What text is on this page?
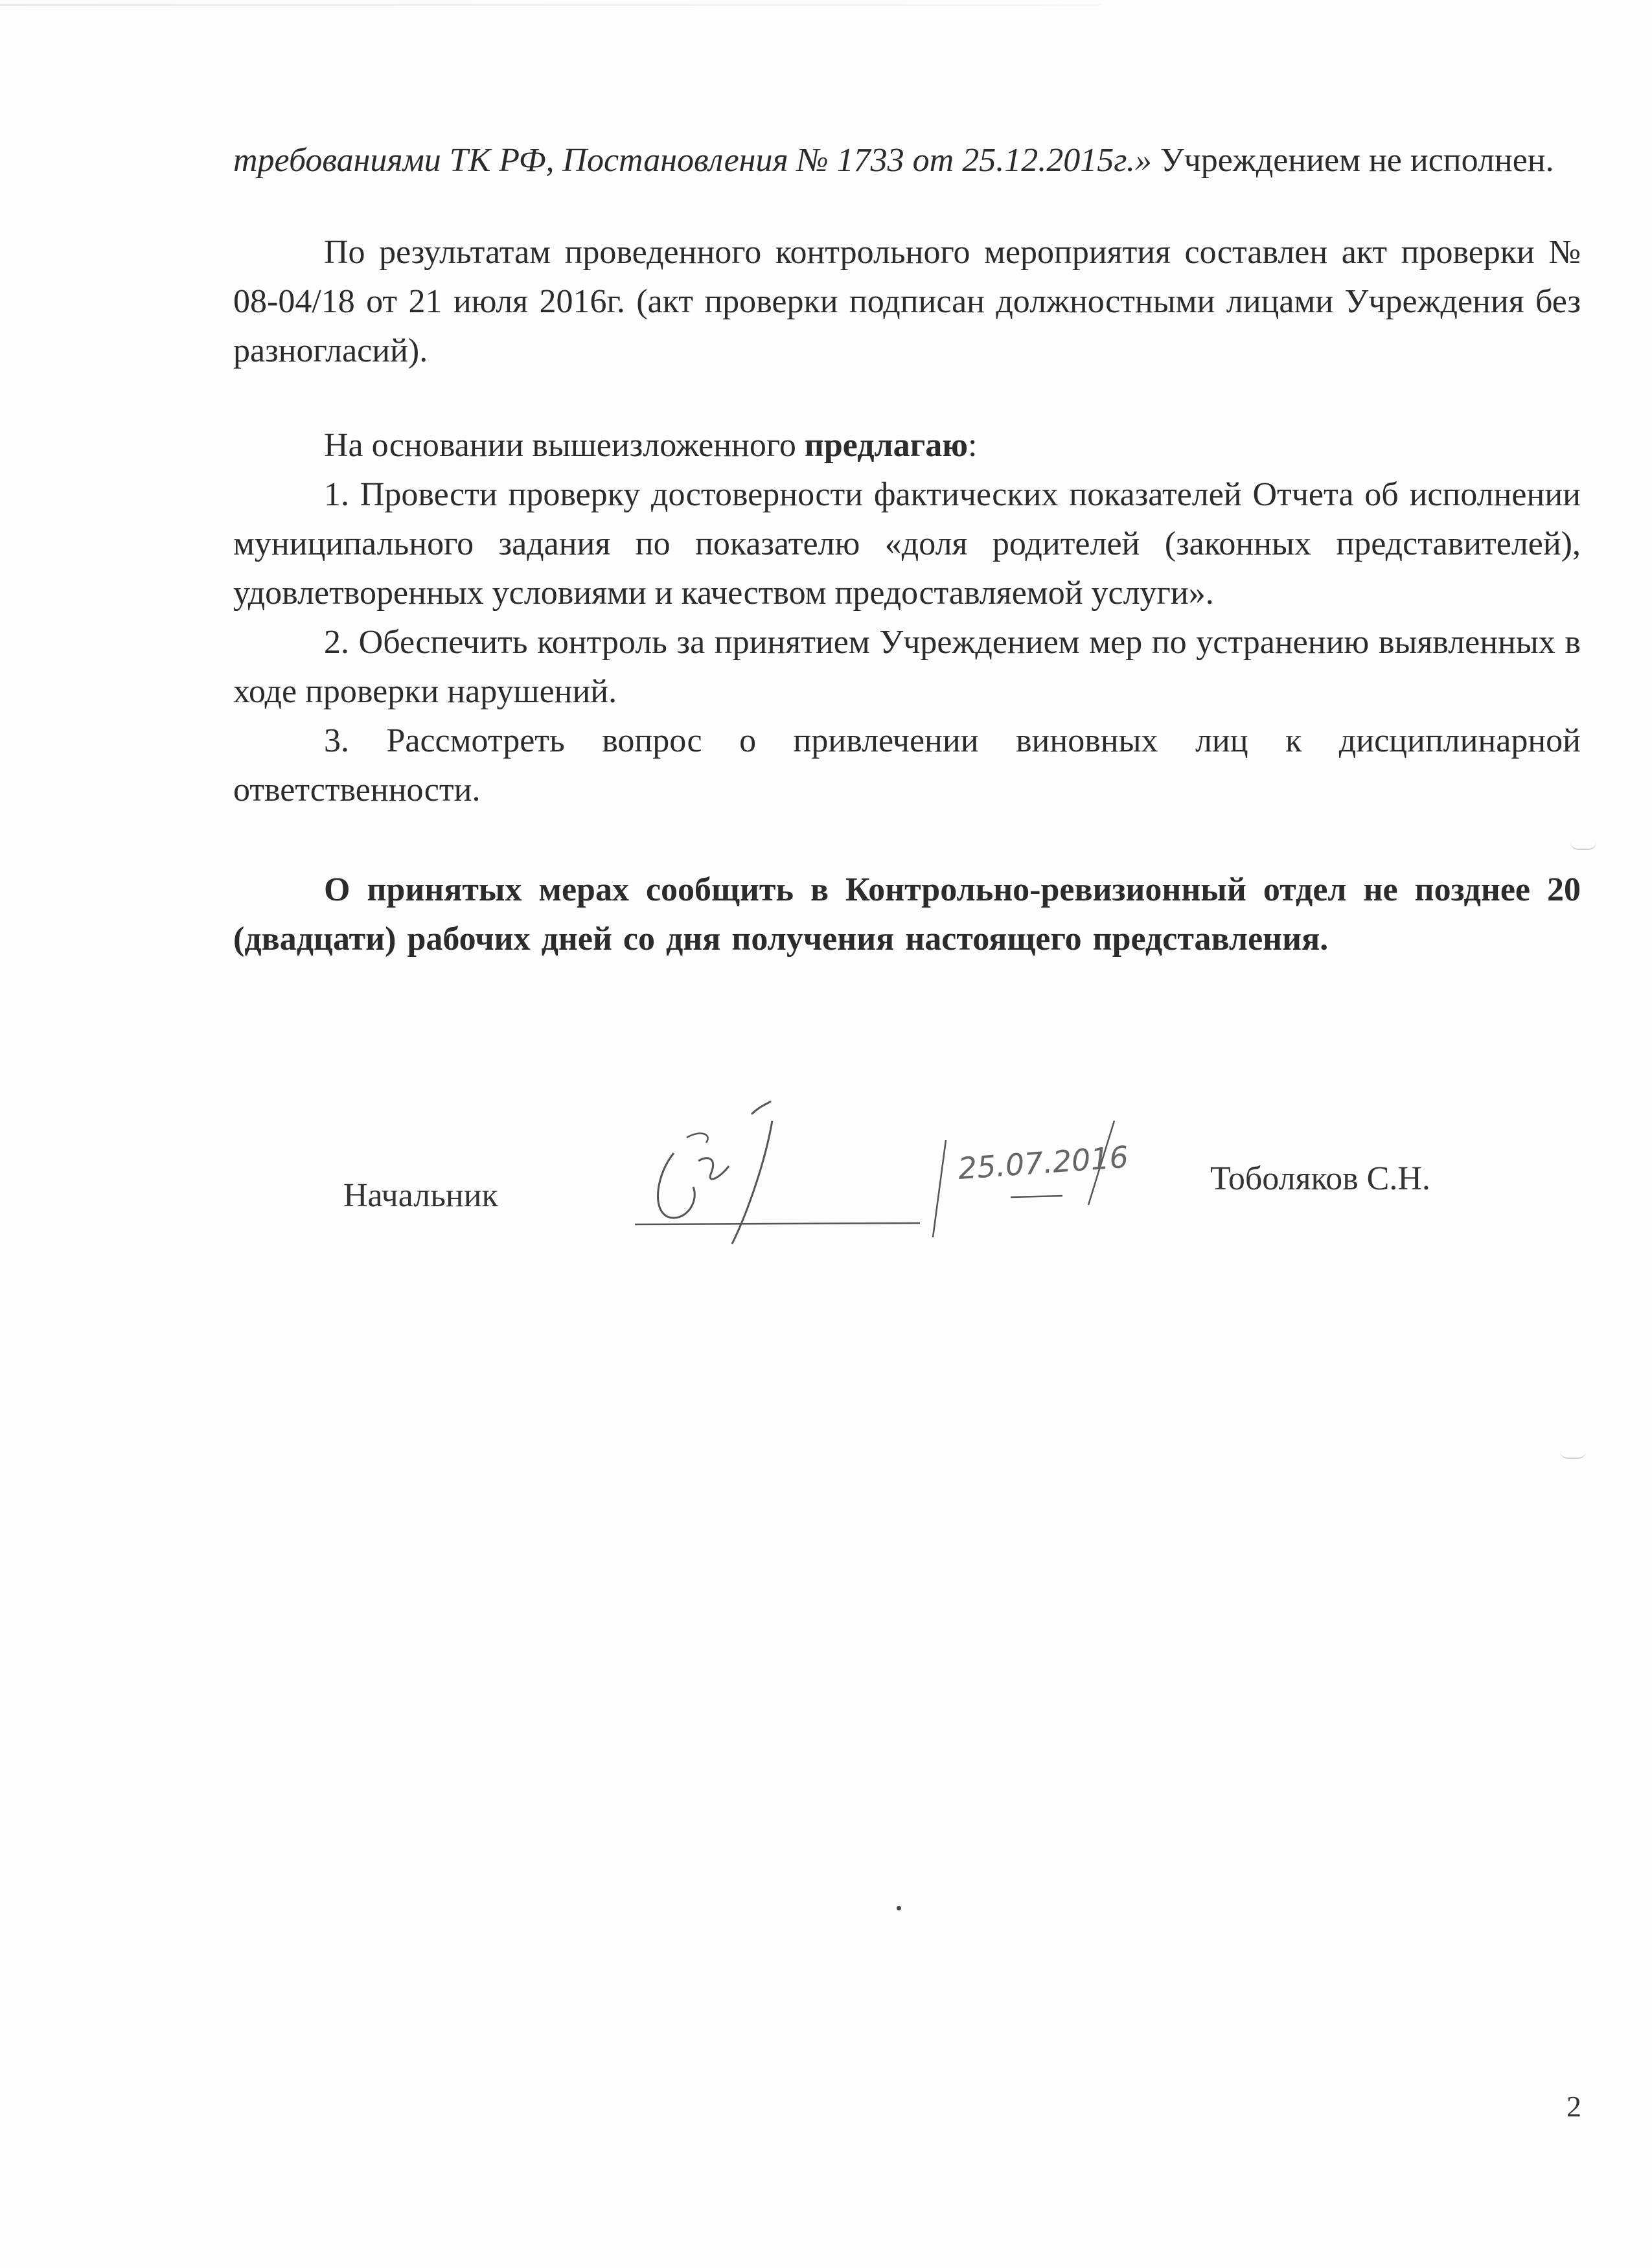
требованиями ТК РФ, Постановления № 1733 от 25.12.2015г.» Учреждением не исполнен.

По результатам проведенного контрольного мероприятия составлен акт проверки № 08-04/18 от 21 июля 2016г. (акт проверки подписан должностными лицами Учреждения без разногласий).

На основании вышеизложенного предлагаю:

1. Провести проверку достоверности фактических показателей Отчета об исполнении муниципального задания по показателю «доля родителей (законных представителей), удовлетворенных условиями и качеством предоставляемой услуги».

2. Обеспечить контроль за принятием Учреждением мер по устранению выявленных в ходе проверки нарушений.

3. Рассмотреть вопрос о привлечении виновных лиц к дисциплинарной ответственности.

О принятых мерах сообщить в Контрольно-ревизионный отдел не позднее 20 (двадцати) рабочих дней со дня получения настоящего представления.

Начальник
25.07.2016 Тоболяков С.Н.
2
